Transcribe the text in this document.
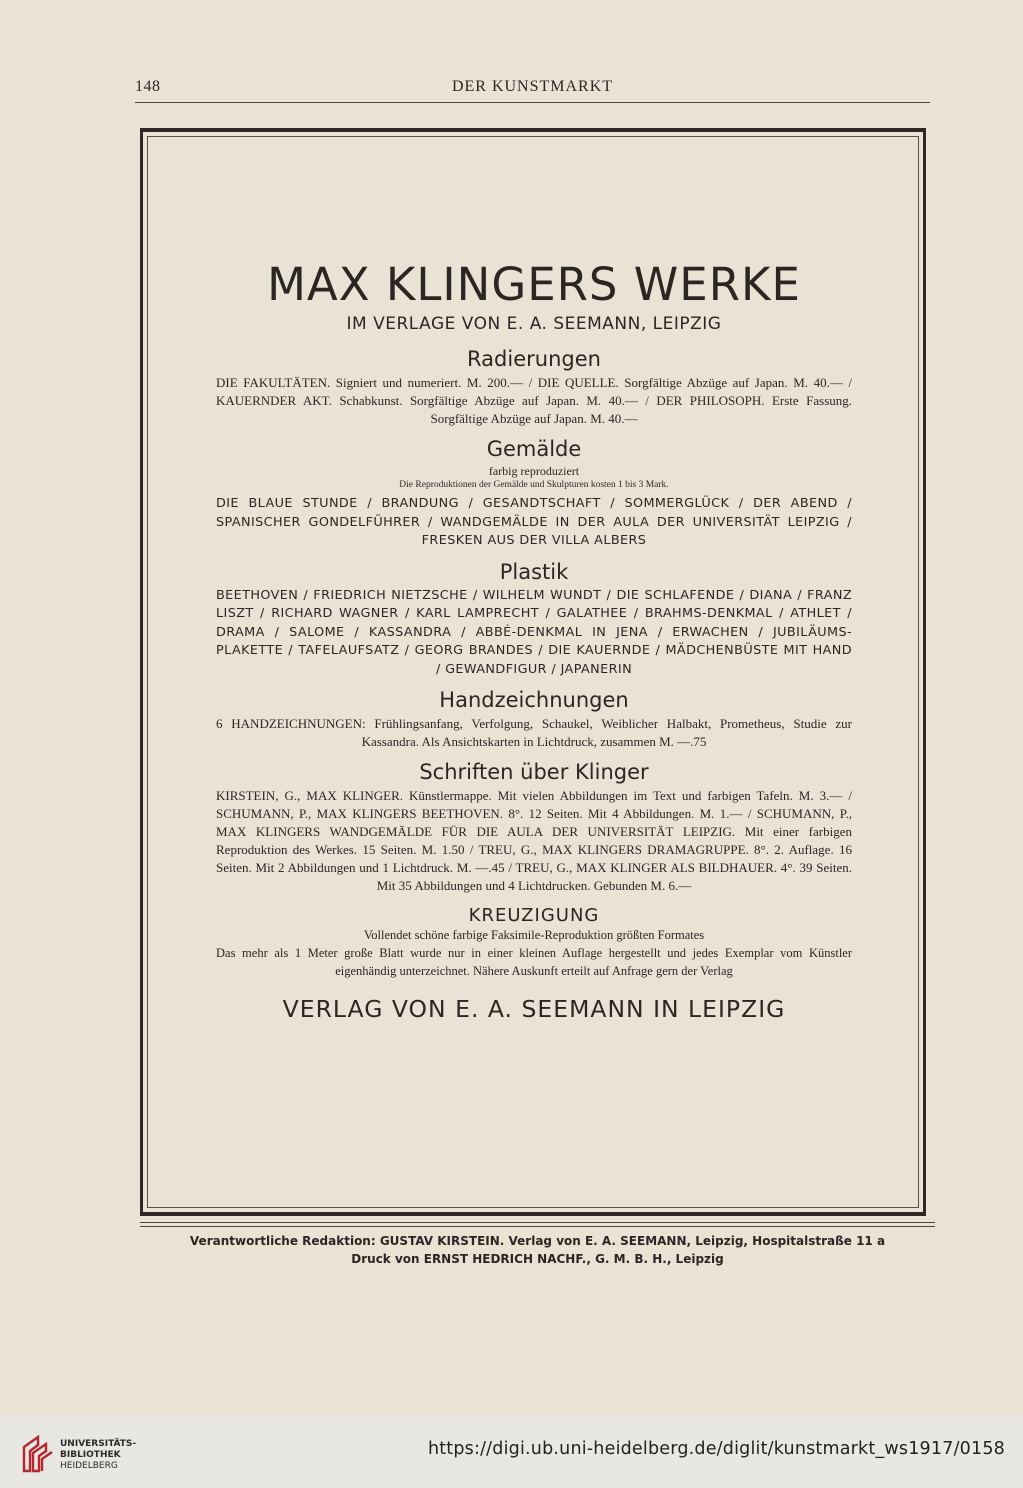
148	DER KUNSTMARKT
MAX KLINGERS WERKE
IM VERLAGE VON E. A. SEEMANN, LEIPZIG
Radierungen
DIE FAKULTÄTEN. Signiert und numeriert. M. 200.— / DIE QUELLE. Sorgfältige Abzüge auf Japan. M. 40.— / KAUERNDER AKT. Schabkunst. Sorgfältige Abzüge auf Japan. M. 40.— / DER PHILOSOPH. Erste Fassung. Sorgfältige Abzüge auf Japan. M. 40.—
Gemälde
farbig reproduziert
Die Reproduktionen der Gemälde und Skulpturen kosten 1 bis 3 Mark.
DIE BLAUE STUNDE / BRANDUNG / GESANDTSCHAFT / SOMMERGLÜCK / DER ABEND / SPANISCHER GONDELFÜHRER / WANDGEMÄLDE IN DER AULA DER UNIVERSITÄT LEIPZIG / FRESKEN AUS DER VILLA ALBERS
Plastik
BEETHOVEN / FRIEDRICH NIETZSCHE / WILHELM WUNDT / DIE SCHLAFENDE / DIANA / FRANZ LISZT / RICHARD WAGNER / KARL LAMPRECHT / GALATHEE / BRAHMS-DENKMAL / ATHLET / DRAMA / SALOME / KASSANDRA / ABBÉ-DENKMAL IN JENA / ERWACHEN / JUBILÄUMS-PLAKETTE / TAFELAUFSATZ / GEORG BRANDES / DIE KAUERNDE / MÄDCHENBÜSTE MIT HAND / GEWANDFIGUR / JAPANERIN
Handzeichnungen
6 HANDZEICHNUNGEN: Frühlingsanfang, Verfolgung, Schaukel, Weiblicher Halbakt, Prometheus, Studie zur Kassandra. Als Ansichtskarten in Lichtdruck, zusammen M. —.75
Schriften über Klinger
KIRSTEIN, G., MAX KLINGER. Künstlermappe. Mit vielen Abbildungen im Text und farbigen Tafeln. M. 3.— / SCHUMANN, P., MAX KLINGERS BEETHOVEN. 8°. 12 Seiten. Mit 4 Abbildungen. M. 1.— / SCHUMANN, P., MAX KLINGERS WANDGEMÄLDE FÜR DIE AULA DER UNIVERSITÄT LEIPZIG. Mit einer farbigen Reproduktion des Werkes. 15 Seiten. M. 1.50 / TREU, G., MAX KLINGERS DRAMAGRUPPE. 8°. 2. Auflage. 16 Seiten. Mit 2 Abbildungen und 1 Lichtdruck. M. —.45 / TREU, G., MAX KLINGER ALS BILDHAUER. 4°. 39 Seiten. Mit 35 Abbildungen und 4 Lichtdrucken. Gebunden M. 6.—
KREUZIGUNG
Vollendet schöne farbige Faksimile-Reproduktion größten Formates
Das mehr als 1 Meter große Blatt wurde nur in einer kleinen Auflage hergestellt und jedes Exemplar vom Künstler eigenhändig unterzeichnet. Nähere Auskunft erteilt auf Anfrage gern der Verlag
VERLAG VON E. A. SEEMANN IN LEIPZIG
Verantwortliche Redaktion: GUSTAV KIRSTEIN. Verlag von E. A. SEEMANN, Leipzig, Hospitalstraße 11 a
Druck von ERNST HEDRICH NACHF., G. M. B. H., Leipzig
UNIVERSITÄTS-
BIBLIOTHEK
HEIDELBERG
https://digi.ub.uni-heidelberg.de/diglit/kunstmarkt_ws1917/0158
